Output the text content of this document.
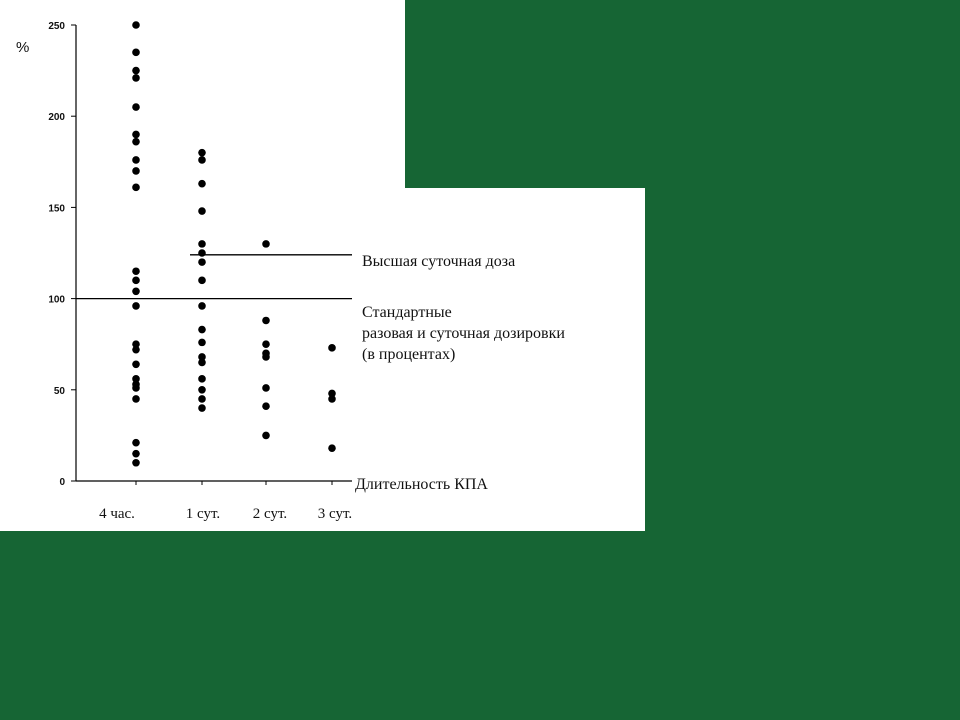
0
50
100
150
200
250
Высшая суточная доза
Стандартные разовая и суточная дозировки (в процентах)
4 час.	1 сут. 2 сут. 3 сут.
%
Длительность КПА
